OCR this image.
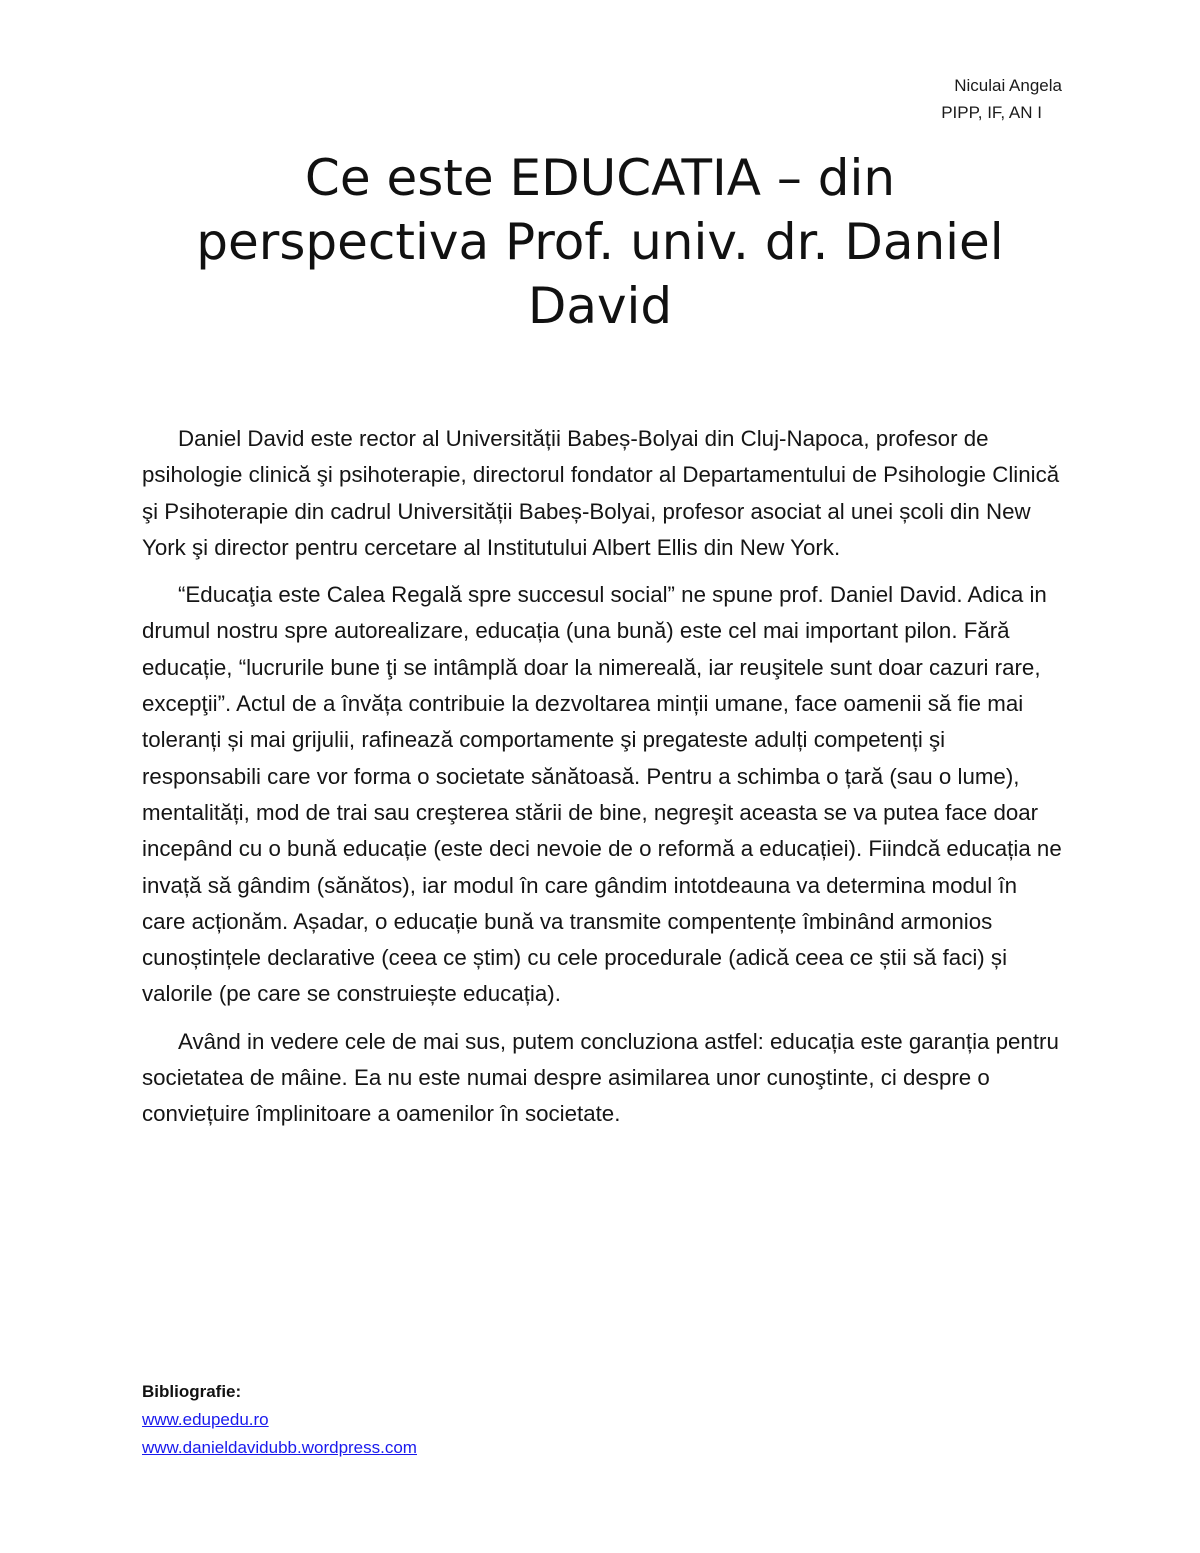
Niculai Angela
PIPP, IF, AN I
Ce este EDUCATIA – din
perspectiva Prof. univ. dr. Daniel
David

Daniel David este rector al Universității Babeș-Bolyai din Cluj-Napoca, profesor de psihologie clinică şi psihoterapie, directorul fondator al Departamentului de Psihologie Clinică şi Psihoterapie din cadrul Universității Babeș-Bolyai, profesor asociat al unei școli din New York şi director pentru cercetare al Institutului Albert Ellis din New York.

“Educaţia este Calea Regală spre succesul social” ne spune prof. Daniel David. Adica in drumul nostru spre autorealizare, educația (una bună) este cel mai important pilon. Fără educație, “lucrurile bune ţi se intâmplă doar la nimereală, iar reuşitele sunt doar cazuri rare, excepţii”. Actul de a învăța contribuie la dezvoltarea minții umane, face oamenii să fie mai toleranți și mai grijulii, rafinează comportamente şi pregateste adulți competenți şi responsabili care vor forma o societate sănătoasă. Pentru a schimba o țară (sau o lume), mentalități, mod de trai sau creşterea stării de bine, negreşit aceasta se va putea face doar incepând cu o bună educație (este deci nevoie de o reformă a educației). Fiindcă educația ne invață să gândim (sănătos), iar modul în care gândim intotdeauna va determina modul în care acționăm. Așadar, o educație bună va transmite compentențe îmbinând armonios cunoștințele declarative (ceea ce știm) cu cele procedurale (adică ceea ce știi să faci) și valorile (pe care se construiește educația).

Având in vedere cele de mai sus, putem concluziona astfel: educația este garanția pentru societatea de mâine. Ea nu este numai despre asimilarea unor cunoştinte, ci despre o conviețuire împlinitoare a oamenilor în societate.

Bibliografie:
www.edupedu.ro
www.danieldavidubb.wordpress.com
